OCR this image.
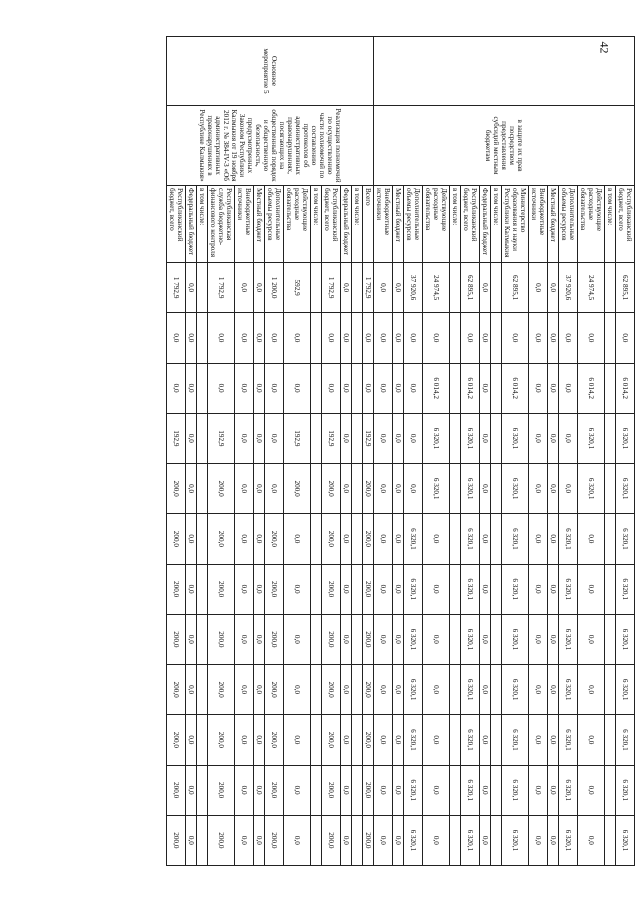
42
	в защите их прав посредством предоставления субсидий местным бюджетам	Республиканский бюджет, всего	62 895,1	0,0	6 014,2	6 320,1	6 320,1	6 320,1	6 320,1	6 320,1	6 320,1	6 320,1	6 320,1	6 320,1
		в том числе:												
		Действующие расходные обязательства	24 974,5	0,0	6 014,2	6 320,1	6 320,1	0,0	0,0	0,0	0,0	0,0	0,0	0,0
		Дополнительные объемы ресурсов	37 920,6	0,0	0,0	0,0	0,0	6 320,1	6 320,1	6 320,1	6 320,1	6 320,1	6 320,1	6 320,1
		Местный бюджет	0,0	0,0	0,0	0,0	0,0	0,0	0,0	0,0	0,0	0,0	0,0	0,0
		Внебюджетные источники	0,0	0,0	0,0	0,0	0,0	0,0	0,0	0,0	0,0	0,0	0,0	0,0
		Министерство образования и науки Республики Калмыкия	62 895,1	0,0	6 014,2	6 320,1	6 320,1	6 320,1	6 320,1	6 320,1	6 320,1	6 320,1	6 320,1	6 320,1
		в том числе:												
		Федеральный бюджет	0,0	0,0	0,0	0,0	0,0	0,0	0,0	0,0	0,0	0,0	0,0	0,0
		Республиканский бюджет, всего	62 895,1	0,0	6 014,2	6 320,1	6 320,1	6 320,1	6 320,1	6 320,1	6 320,1	6 320,1	6 320,1	6 320,1
		в том числе:												
		Действующие расходные обязательства	24 974,5	0,0	6 014,2	6 320,1	6 320,1	0,0	0,0	0,0	0,0	0,0	0,0	0,0
		Дополнительные объемы ресурсов	37 920,6	0,0	0,0	0,0	0,0	6 320,1	6 320,1	6 320,1	6 320,1	6 320,1	6 320,1	6 320,1
		Местный бюджет	0,0	0,0	0,0	0,0	0,0	0,0	0,0	0,0	0,0	0,0	0,0	0,0
		Внебюджетные источники	0,0	0,0	0,0	0,0	0,0	0,0	0,0	0,0	0,0	0,0	0,0	0,0
Основное мероприятие 5	Реализация полномочий по осуществлению части полномочий по составлению протоколов об административных правонарушениях, посягающих на общественный порядок и общественную безопасность, предусмотренных Законом Республики Калмыкия от 19 ноября 2012 г. № 384-IV-З «Об административных правонарушениях в Республике Калмыкия»	Всего	1 792,9	0,0	0,0	192,9	200,0	200,0	200,0	200,0	200,0	200,0	200,0	200,0
		в том числе:												
		Федеральный бюджет	0,0	0,0	0,0	0,0	0,0	0,0	0,0	0,0	0,0	0,0	0,0	0,0
		Республиканский бюджет, всего	1 792,9	0,0	0,0	192,9	200,0	200,0	200,0	200,0	200,0	200,0	200,0	200,0
		в том числе:												
		Действующие расходные обязательства	592,9	0,0	0,0	192,9	200,0	0,0	0,0	0,0	0,0	0,0	0,0	0,0
		Дополнительные объемы ресурсов	1 200,0	0,0	0,0	0,0	0,0	200,0	200,0	200,0	200,0	200,0	200,0	200,0
		Местный бюджет	0,0	0,0	0,0	0,0	0,0	0,0	0,0	0,0	0,0	0,0	0,0	0,0
		Внебюджетные источники	0,0	0,0	0,0	0,0	0,0	0,0	0,0	0,0	0,0	0,0	0,0	0,0
		Республиканская служба бюджетно-финансового контроля	1 792,9	0,0	0,0	192,9	200,0	200,0	200,0	200,0	200,0	200,0	200,0	200,0
		в том числе:												
		Федеральный бюджет	0,0	0,0	0,0	0,0	0,0	0,0	0,0	0,0	0,0	0,0	0,0	0,0
		Республиканский бюджет, всего	1 792,9	0,0	0,0	192,9	200,0	200,0	200,0	200,0	200,0	200,0	200,0	200,0
